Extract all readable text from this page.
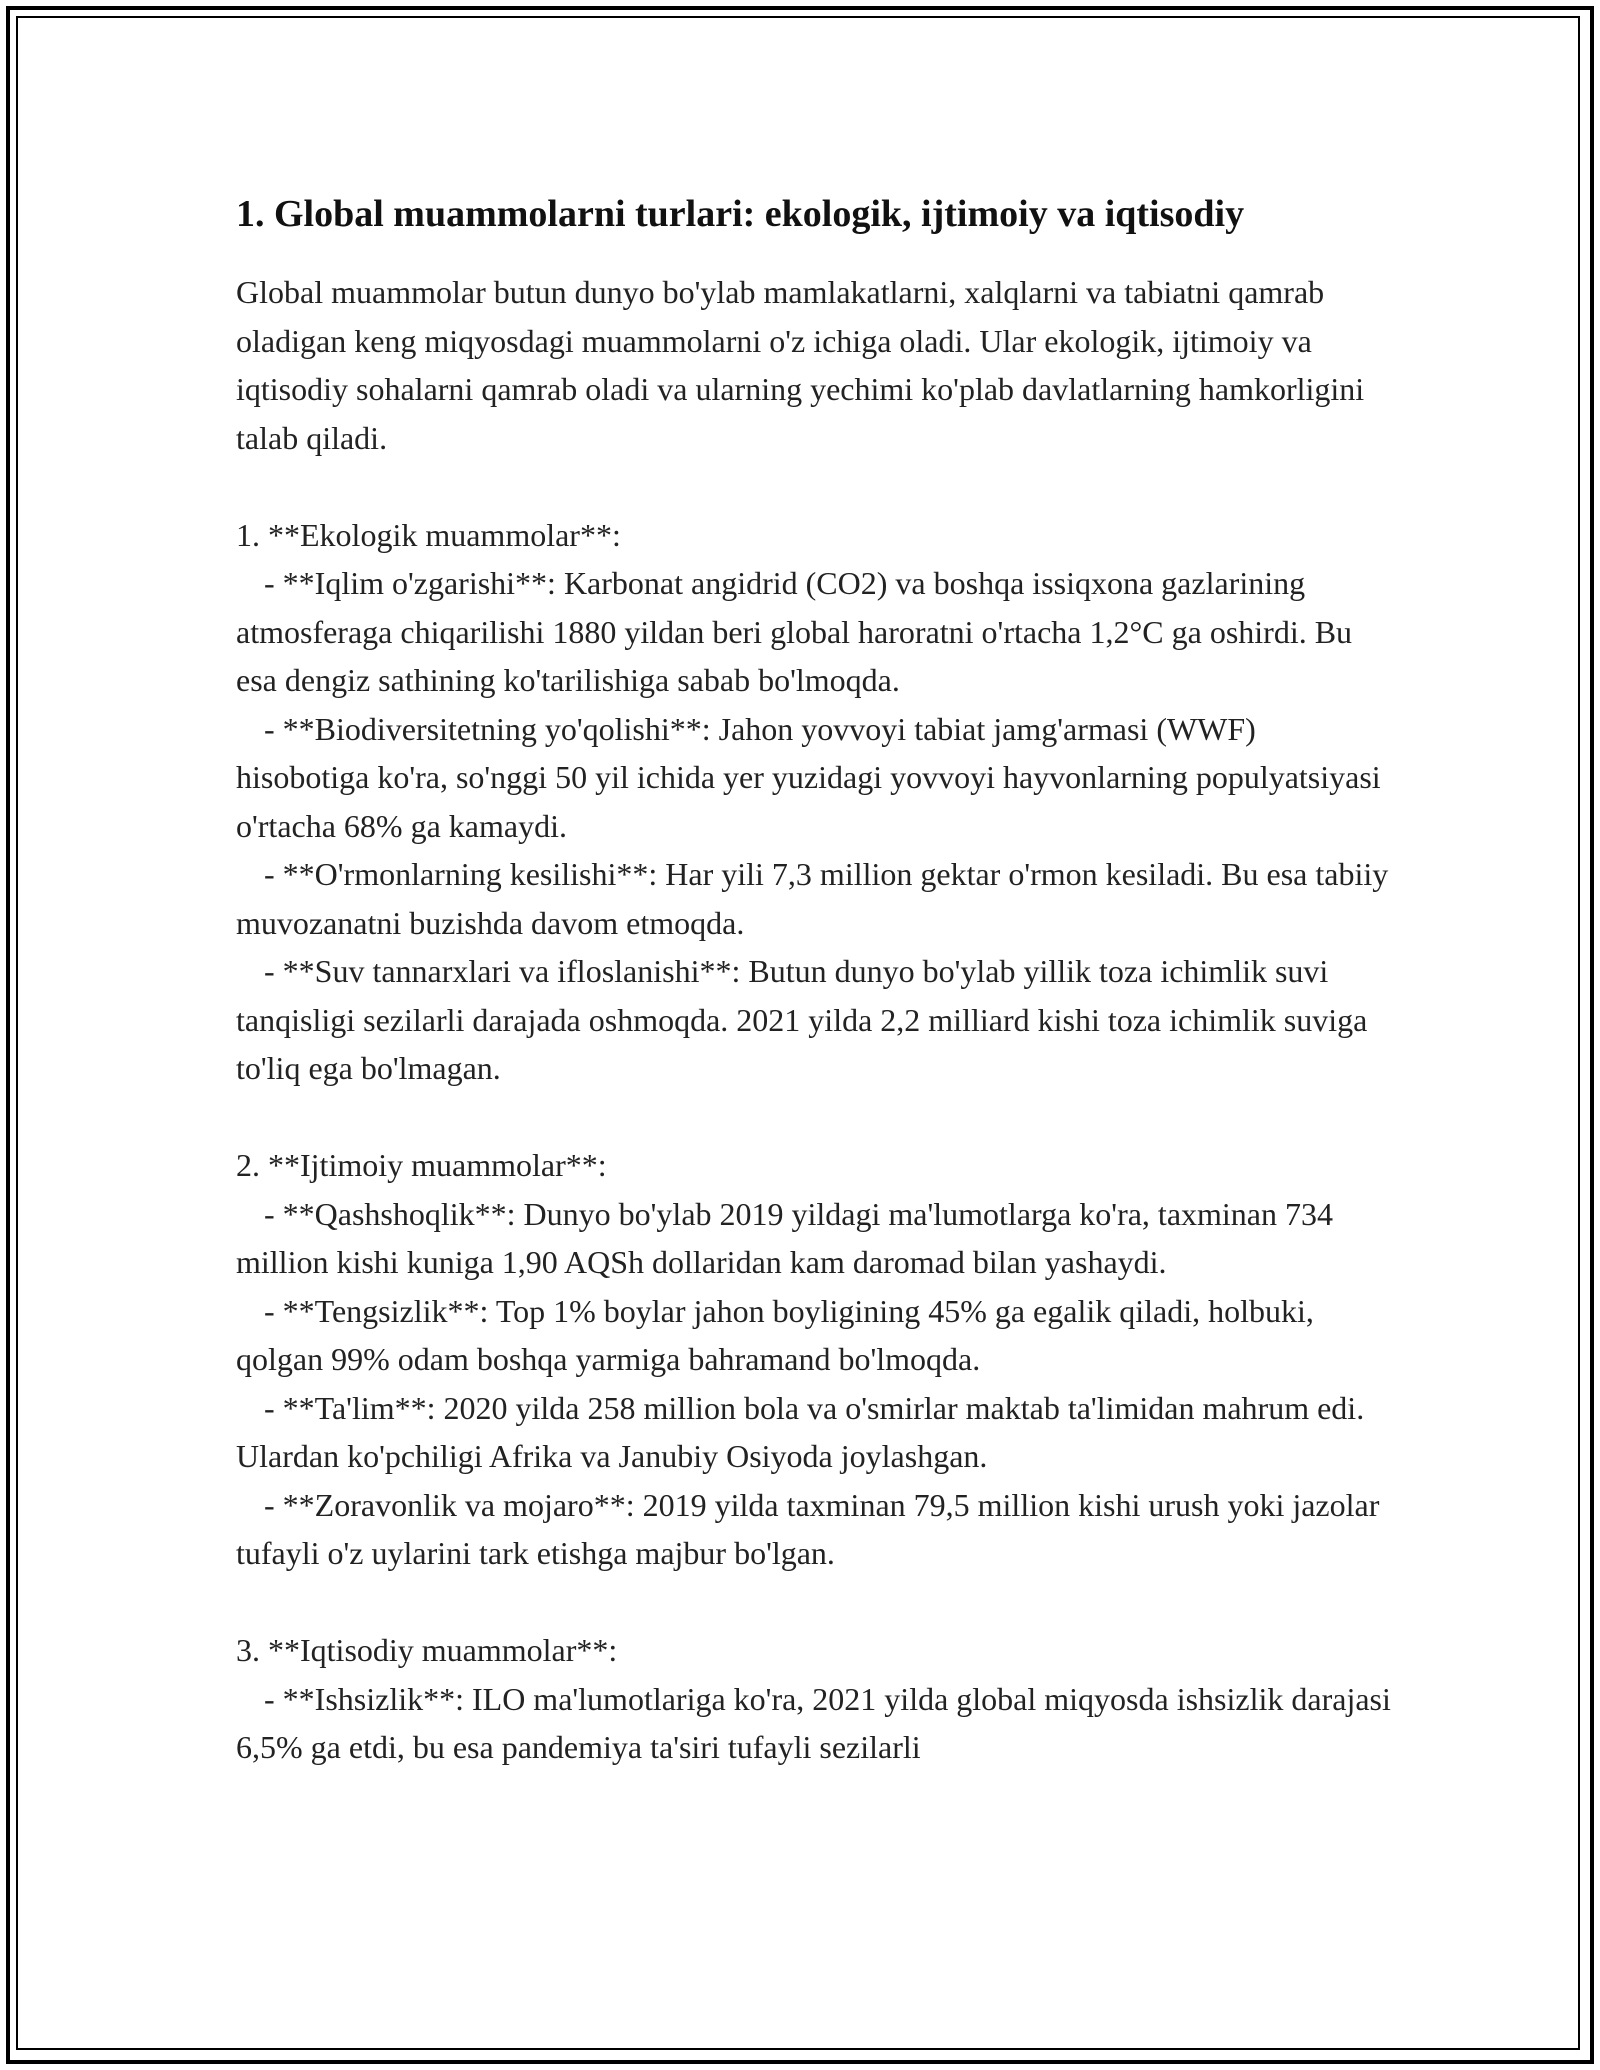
1. Global muammolarni turlari: ekologik, ijtimoiy va iqtisodiy

Global muammolar butun dunyo bo'ylab mamlakatlarni, xalqlarni va tabiatni qamrab oladigan keng miqyosdagi muammolarni o'z ichiga oladi. Ular ekologik, ijtimoiy va iqtisodiy sohalarni qamrab oladi va ularning yechimi ko'plab davlatlarning hamkorligini talab qiladi.

1. **Ekologik muammolar**:
- **Iqlim o'zgarishi**: Karbonat angidrid (CO2) va boshqa issiqxona gazlarining atmosferaga chiqarilishi 1880 yildan beri global haroratni o'rtacha 1,2°C ga oshirdi. Bu esa dengiz sathining ko'tarilishiga sabab bo'lmoqda.
- **Biodiversitetning yo'qolishi**: Jahon yovvoyi tabiat jamg'armasi (WWF) hisobotiga ko'ra, so'nggi 50 yil ichida yer yuzidagi yovvoyi hayvonlarning populyatsiyasi o'rtacha 68% ga kamaydi.
- **O'rmonlarning kesilishi**: Har yili 7,3 million gektar o'rmon kesiladi. Bu esa tabiiy muvozanatni buzishda davom etmoqda.
- **Suv tannarxlari va ifloslanishi**: Butun dunyo bo'ylab yillik toza ichimlik suvi tanqisligi sezilarli darajada oshmoqda. 2021 yilda 2,2 milliard kishi toza ichimlik suviga to'liq ega bo'lmagan.
2. **Ijtimoiy muammolar**:
- **Qashshoqlik**: Dunyo bo'ylab 2019 yildagi ma'lumotlarga ko'ra, taxminan 734 million kishi kuniga 1,90 AQSh dollaridan kam daromad bilan yashaydi.
- **Tengsizlik**: Top 1% boylar jahon boyligining 45% ga egalik qiladi, holbuki, qolgan 99% odam boshqa yarmiga bahramand bo'lmoqda.
- **Ta'lim**: 2020 yilda 258 million bola va o'smirlar maktab ta'limidan mahrum edi. Ulardan ko'pchiligi Afrika va Janubiy Osiyoda joylashgan.
- **Zoravonlik va mojaro**: 2019 yilda taxminan 79,5 million kishi urush yoki jazolar tufayli o'z uylarini tark etishga majbur bo'lgan.
3. **Iqtisodiy muammolar**:
- **Ishsizlik**: ILO ma'lumotlariga ko'ra, 2021 yilda global miqyosda ishsizlik darajasi 6,5% ga etdi, bu esa pandemiya ta'siri tufayli sezilarli
